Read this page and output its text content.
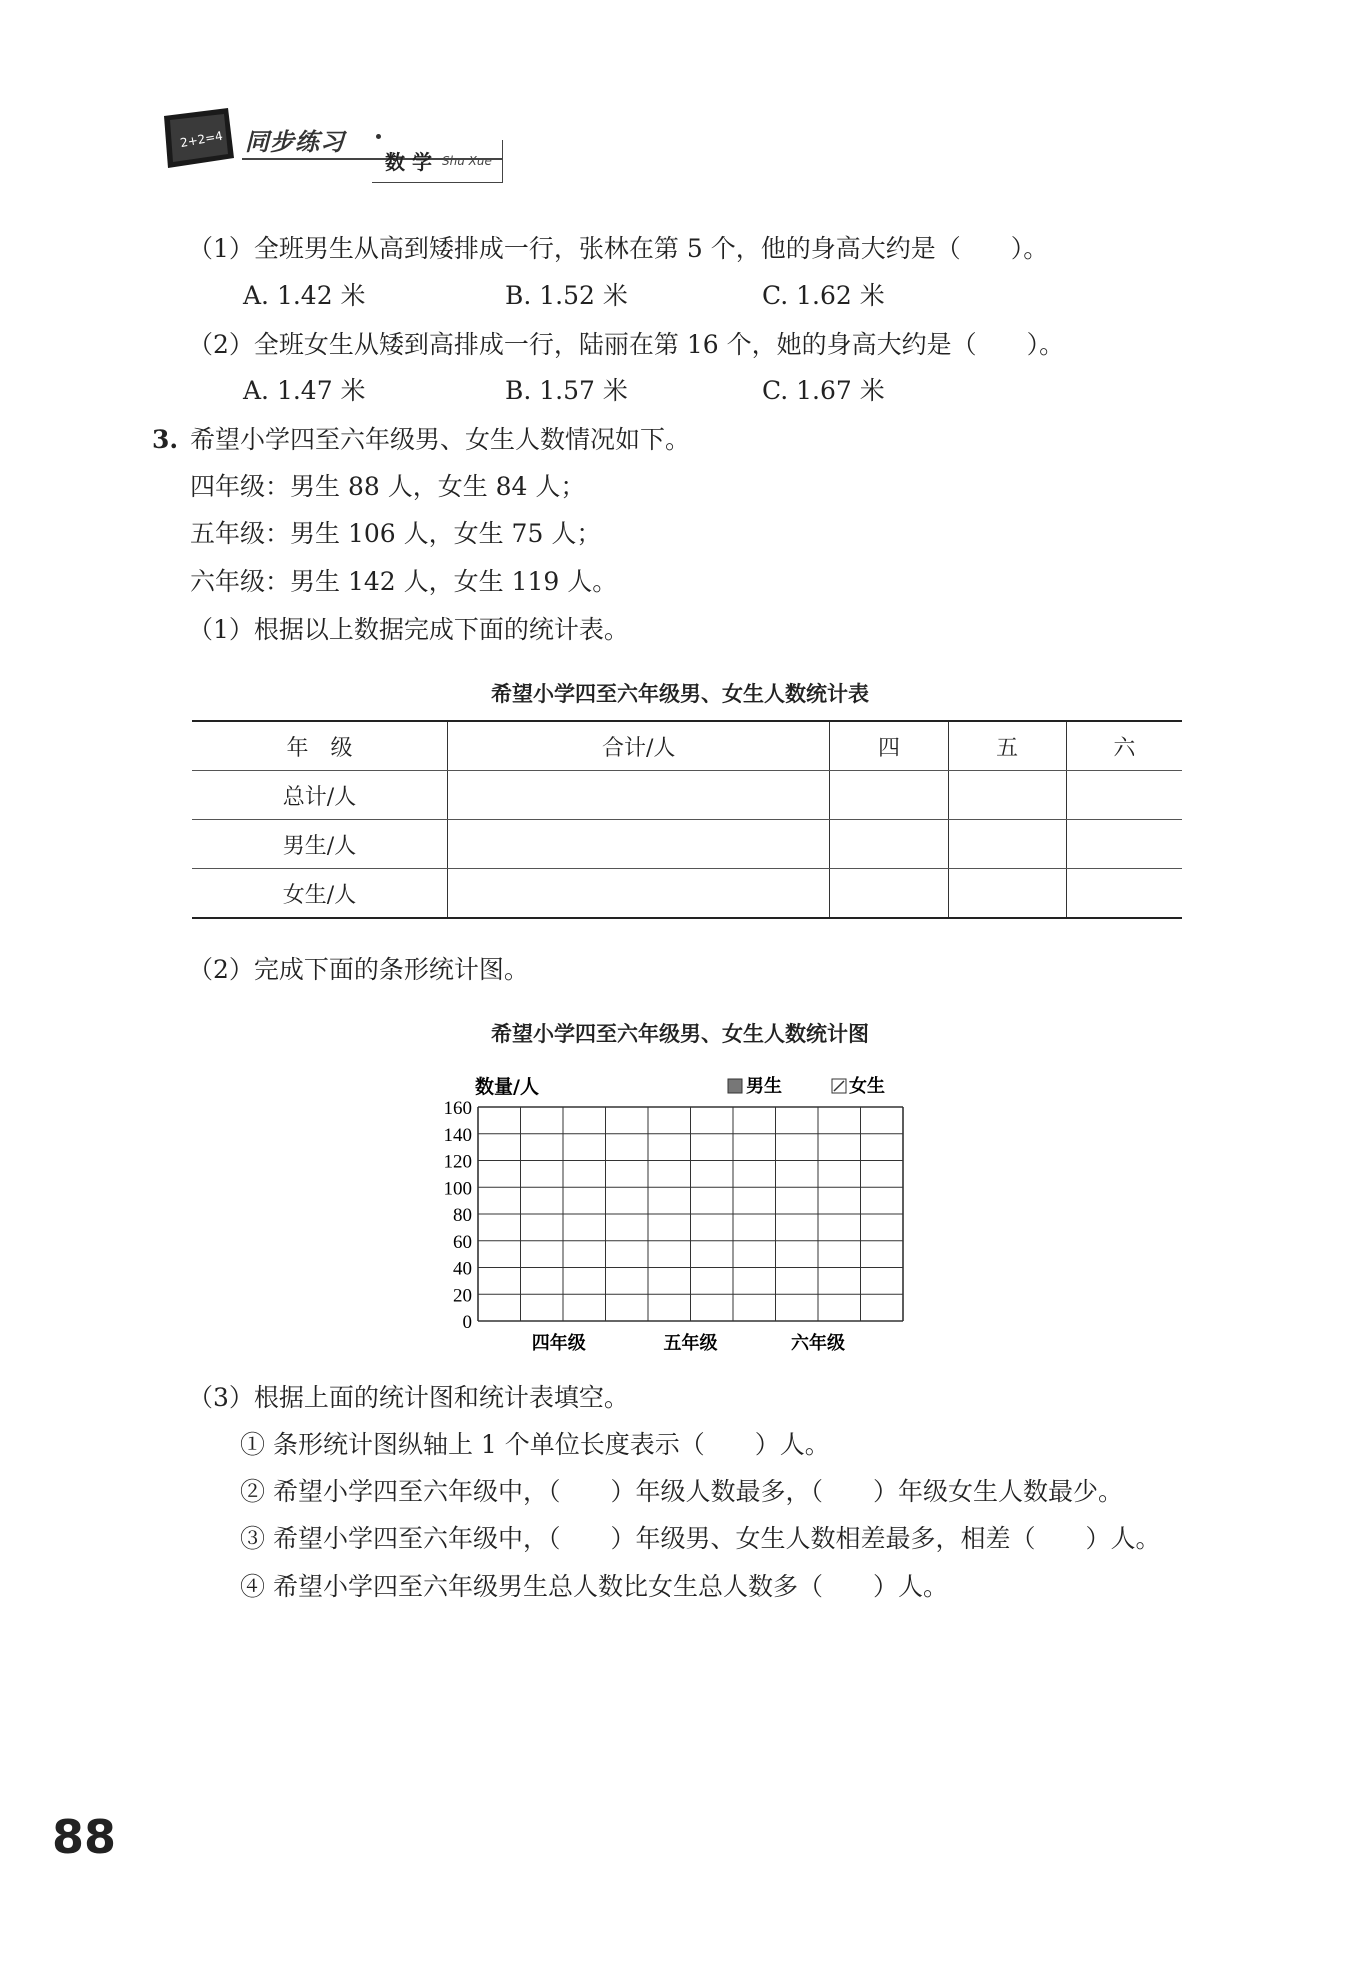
2+2=4 同步练习
数 学 Shu Xue
（1）全班男生从高到矮排成一行，张林在第 5 个，他的身高大约是（　　）。
A. 1.42 米	B. 1.52 米	C. 1.62 米
（2）全班女生从矮到高排成一行，陆丽在第 16 个，她的身高大约是（　　）。
A. 1.47 米	B. 1.57 米	C. 1.67 米
3. 希望小学四至六年级男、女生人数情况如下。
四年级：男生 88 人，女生 84 人；
五年级：男生 106 人，女生 75 人；
六年级：男生 142 人，女生 119 人。
（1）根据以上数据完成下面的统计表。
希望小学四至六年级男、女生人数统计表
年　级	合计/人	四	五	六
总计/人				
男生/人				
女生/人				
（2）完成下面的条形统计图。
希望小学四至六年级男、女生人数统计图
0
20
40
60
80
100
120
140
160
四年级	五年级	六年级
数量/人	男生	女生
（3）根据上面的统计图和统计表填空。
① 条形统计图纵轴上 1 个单位长度表示（　　）人。
② 希望小学四至六年级中，（　　）年级人数最多，（　　）年级女生人数最少。
③ 希望小学四至六年级中，（　　）年级男、女生人数相差最多，相差（　　）人。
④ 希望小学四至六年级男生总人数比女生总人数多（　　）人。
88
